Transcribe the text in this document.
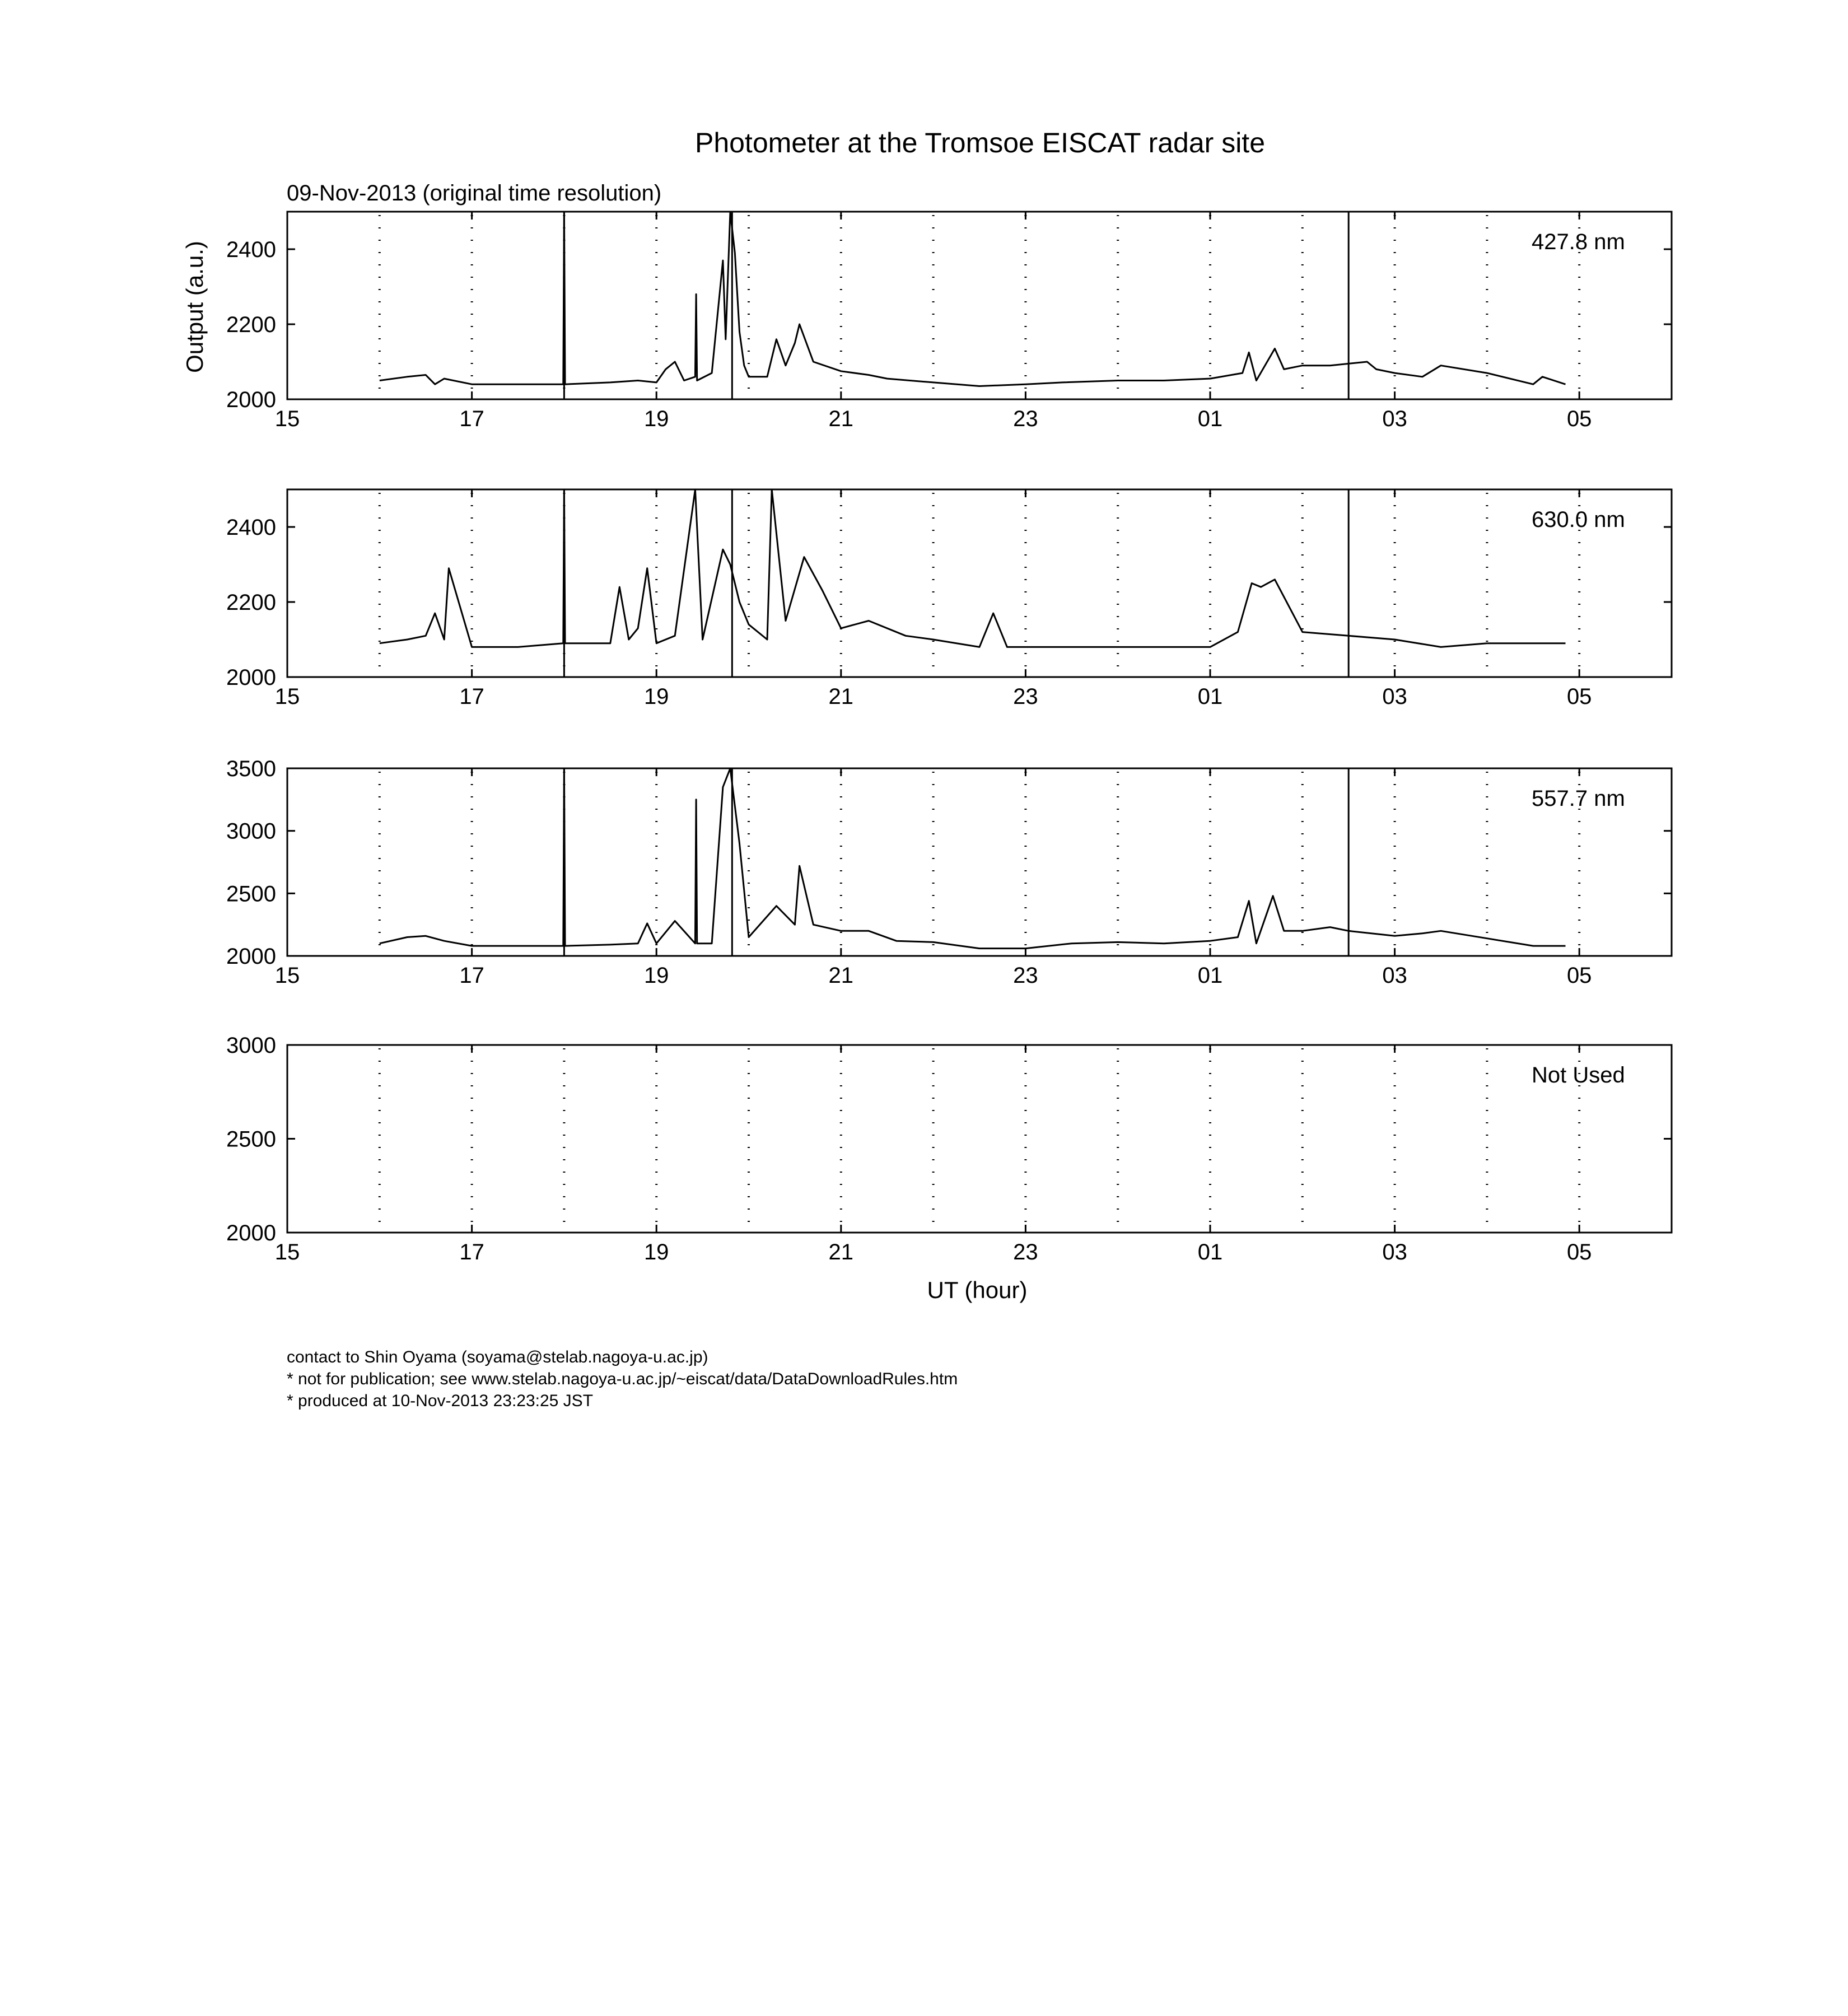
Photometer at the Tromsoe EISCAT radar site
09-Nov-2013 (original time resolution)
Output (a.u.)
UT (hour)
15	17	19	21	23	01	03	05
2000
2200
2400	427.8 nm
15	17	19	21	23	01	03	05
2000
2200
2400	630.0 nm
15	17	19	21	23	01	03	05
2000
2500
3000
3500
557.7 nm
15	17	19	21	23	01	03	05
2000
2500
3000
Not Used
contact to Shin Oyama (soyama@stelab.nagoya-u.ac.jp)
* not for publication; see www.stelab.nagoya-u.ac.jp/~eiscat/data/DataDownloadRules.htm
* produced at 10-Nov-2013 23:23:25 JST
